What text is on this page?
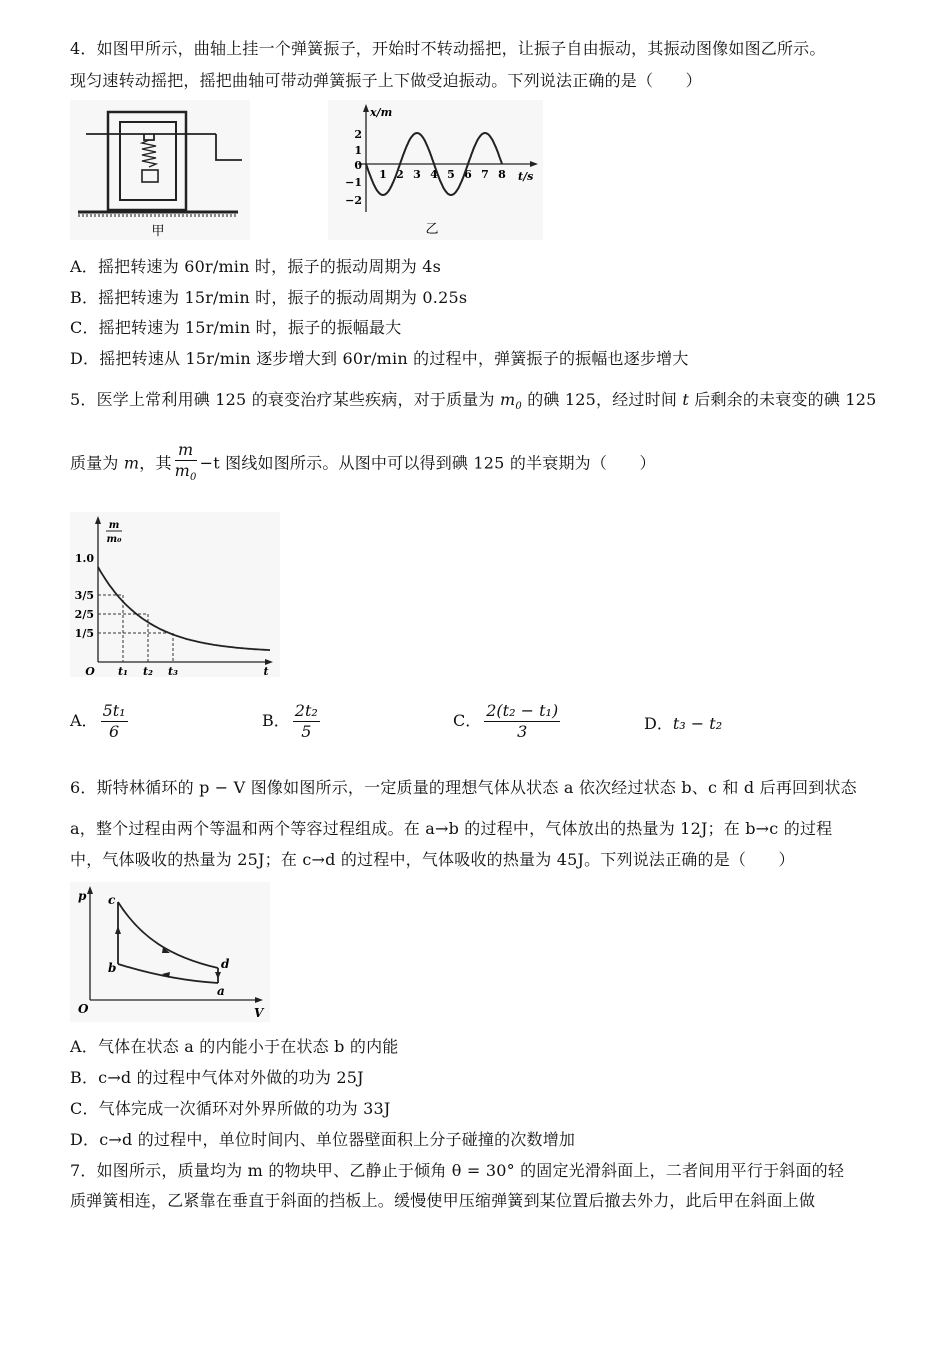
4．如图甲所示，曲轴上挂一个弹簧振子，开始时不转动摇把，让振子自由振动，其振动图像如图乙所示。
现匀速转动摇把，摇把曲轴可带动弹簧振子上下做受迫振动。下列说法正确的是（　　）
甲
x/m
t/s
2
1
0
−1
−2
1 2 3 4 5 6 7 8
乙
A．摇把转速为 60r/min 时，振子的振动周期为 4s
B．摇把转速为 15r/min 时，振子的振动周期为 0.25s
C．摇把转速为 15r/min 时，振子的振幅最大
D．摇把转速从 15r/min 逐步增大到 60r/min 的过程中，弹簧振子的振幅也逐步增大
5．医学上常利用碘 125 的衰变治疗某些疾病，对于质量为 $m_0$ 的碘 125，经过时间 t 后剩余的未衰变的碘 125
质量为 m，其 $\frac{m}{m_0} -t$ 图线如图所示。从图中可以得到碘 125 的半衰期为（　　）
m
m₀
1.0
3/5
2/5
1/5
O t₁ t₂ t₃	t
A． $\frac{\text{5t₁}}{6}$	B． $\frac{\text{2t₂}}{5}$	C． $\frac{\text{2(t₂ − t₁)}}{3}$	D．t₃ − t₂
6．斯特林循环的 p − V 图像如图所示，一定质量的理想气体从状态 a 依次经过状态 b、c 和 d 后再回到状态
a，整个过程由两个等温和两个等容过程组成。在 a→b 的过程中，气体放出的热量为 12J；在 b→c 的过程
中，气体吸收的热量为 25J；在 c→d 的过程中，气体吸收的热量为 45J。下列说法正确的是（　　）
p
V
O
c
b	d
a
A．气体在状态 a 的内能小于在状态 b 的内能
B．c→d 的过程中气体对外做的功为 25J
C．气体完成一次循环对外界所做的功为 33J
D．c→d 的过程中，单位时间内、单位器壁面积上分子碰撞的次数增加
7．如图所示，质量均为 m 的物块甲、乙静止于倾角 θ = 30° 的固定光滑斜面上，二者间用平行于斜面的轻
质弹簧相连，乙紧靠在垂直于斜面的挡板上。缓慢使甲压缩弹簧到某位置后撤去外力，此后甲在斜面上做
